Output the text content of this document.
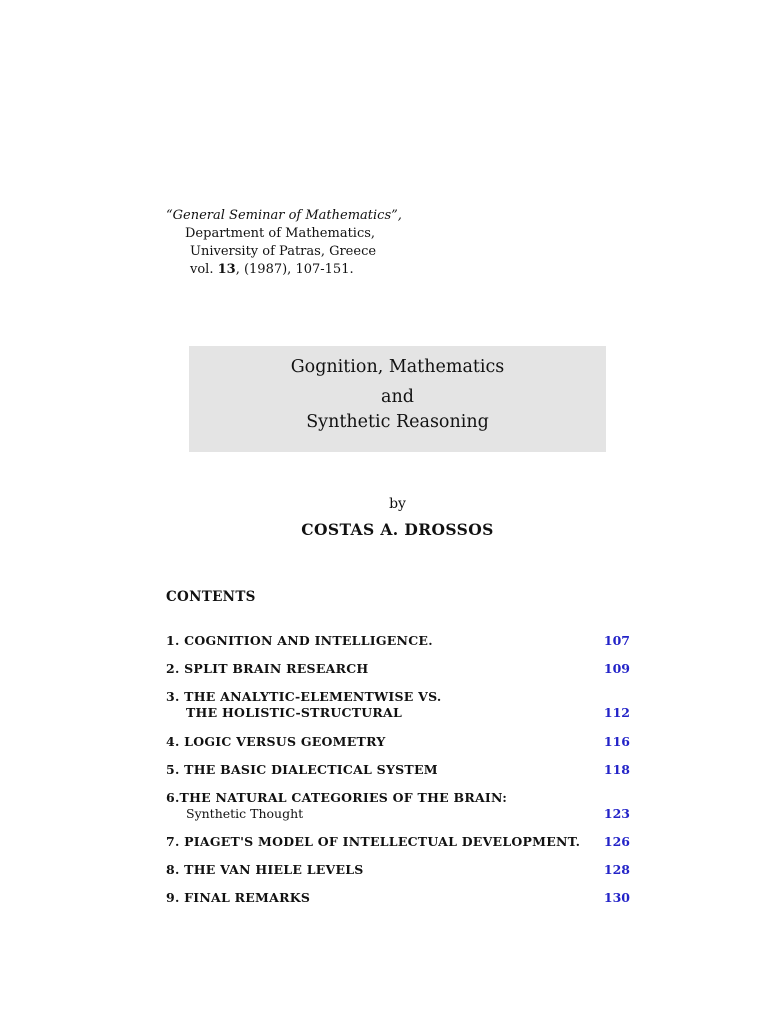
“General Seminar of Mathematics”,
Department of Mathematics,
University of Patras, Greece
vol. 13, (1987), 107-151.
Gognition, Mathematics
and
Synthetic Reasoning
by
COSTAS A. DROSSOS
CONTENTS
1. COGNITION AND INTELLIGENCE.	107
2. SPLIT BRAIN RESEARCH	109
3. THE ANALYTIC-ELEMENTWISE VS.
THE HOLISTIC-STRUCTURAL	112
4. LOGIC VERSUS GEOMETRY	116
5. THE BASIC DIALECTICAL SYSTEM	118
6.THE NATURAL CATEGORIES OF THE BRAIN:
Synthetic Thought	123
7. PIAGET'S MODEL OF INTELLECTUAL DEVELOPMENT. 126
8. THE VAN HIELE LEVELS	128
9. FINAL REMARKS	130
